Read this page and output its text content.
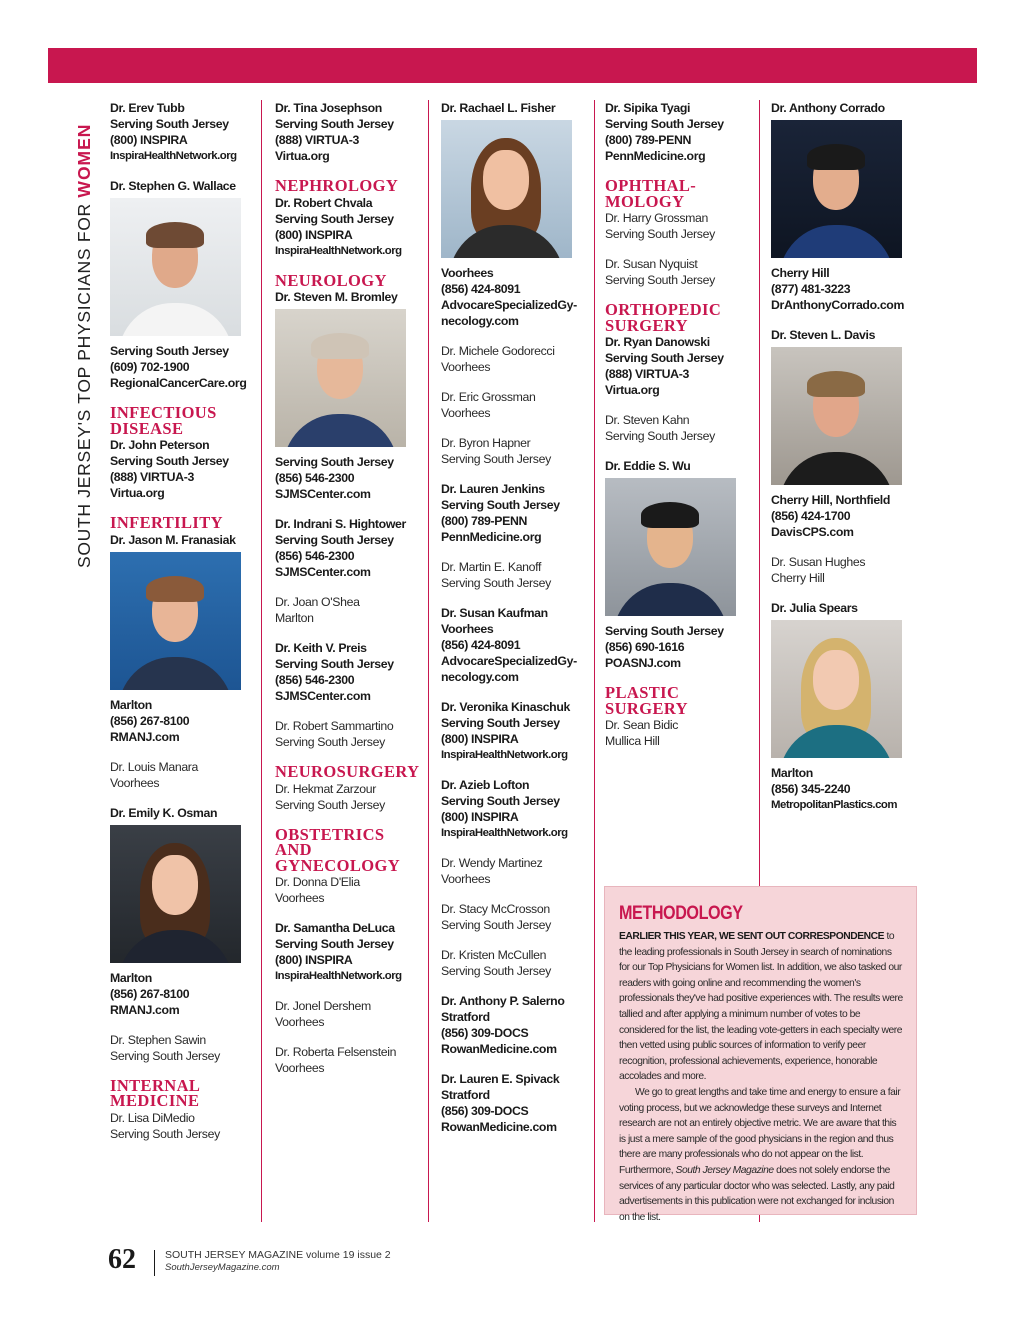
SOUTH JERSEY'S TOP PHYSICIANS FOR WOMEN
Dr. Erev Tubb
Serving South Jersey
(800) INSPIRA
InspiraHealthNetwork.org
Dr. Stephen G. Wallace
Serving South Jersey
(609) 702-1900
RegionalCancerCare.org
INFECTIOUS
DISEASE
Dr. John Peterson
Serving South Jersey
(888) VIRTUA-3
Virtua.org
INFERTILITY
Dr. Jason M. Franasiak
Marlton
(856) 267-8100
RMANJ.com
Dr. Louis Manara
Voorhees
Dr. Emily K. Osman
Marlton
(856) 267-8100
RMANJ.com
Dr. Stephen Sawin
Serving South Jersey
INTERNAL
MEDICINE
Dr. Lisa DiMedio
Serving South Jersey
Dr. Tina Josephson
Serving South Jersey
(888) VIRTUA-3
Virtua.org
NEPHROLOGY
Dr. Robert Chvala
Serving South Jersey
(800) INSPIRA
InspiraHealthNetwork.org
NEUROLOGY
Dr. Steven M. Bromley
Serving South Jersey
(856) 546-2300
SJMSCenter.com
Dr. Indrani S. Hightower
Serving South Jersey
(856) 546-2300
SJMSCenter.com
Dr. Joan O'Shea
Marlton
Dr. Keith V. Preis
Serving South Jersey
(856) 546-2300
SJMSCenter.com
Dr. Robert Sammartino
Serving South Jersey
NEUROSURGERY
Dr. Hekmat Zarzour
Serving South Jersey
OBSTETRICS
AND
GYNECOLOGY
Dr. Donna D'Elia
Voorhees
Dr. Samantha DeLuca
Serving South Jersey
(800) INSPIRA
InspiraHealthNetwork.org
Dr. Jonel Dershem
Voorhees
Dr. Roberta Felsenstein
Voorhees
Dr. Rachael L. Fisher
Voorhees
(856) 424-8091
AdvocareSpecializedGy-
necology.com
Dr. Michele Godorecci
Voorhees
Dr. Eric Grossman
Voorhees
Dr. Byron Hapner
Serving South Jersey
Dr. Lauren Jenkins
Serving South Jersey
(800) 789-PENN
PennMedicine.org
Dr. Martin E. Kanoff
Serving South Jersey
Dr. Susan Kaufman
Voorhees
(856) 424-8091
AdvocareSpecializedGy-
necology.com
Dr. Veronika Kinaschuk
Serving South Jersey
(800) INSPIRA
InspiraHealthNetwork.org
Dr. Azieb Lofton
Serving South Jersey
(800) INSPIRA
InspiraHealthNetwork.org
Dr. Wendy Martinez
Voorhees
Dr. Stacy McCrosson
Serving South Jersey
Dr. Kristen McCullen
Serving South Jersey
Dr. Anthony P. Salerno
Stratford
(856) 309-DOCS
RowanMedicine.com
Dr. Lauren E. Spivack
Stratford
(856) 309-DOCS
RowanMedicine.com
Dr. Sipika Tyagi
Serving South Jersey
(800) 789-PENN
PennMedicine.org
OPHTHAL-
MOLOGY
Dr. Harry Grossman
Serving South Jersey
Dr. Susan Nyquist
Serving South Jersey
ORTHOPEDIC
SURGERY
Dr. Ryan Danowski
Serving South Jersey
(888) VIRTUA-3
Virtua.org
Dr. Steven Kahn
Serving South Jersey
Dr. Eddie S. Wu
Serving South Jersey
(856) 690-1616
POASNJ.com
PLASTIC
SURGERY
Dr. Sean Bidic
Mullica Hill
Dr. Anthony Corrado
Cherry Hill
(877) 481-3223
DrAnthonyCorrado.com
Dr. Steven L. Davis
Cherry Hill, Northfield
(856) 424-1700
DavisCPS.com
Dr. Susan Hughes
Cherry Hill
Dr. Julia Spears
Marlton
(856) 345-2240
MetropolitanPlastics.com
METHODOLOGY

EARLIER THIS YEAR, WE SENT OUT CORRESPONDENCE to the leading professionals in South Jersey in search of nominations for our Top Physicians for Women list. In addition, we also tasked our readers with going online and recommending the women's professionals they've had positive experiences with. The results were tallied and after applying a minimum number of votes to be considered for the list, the leading vote-getters in each specialty were then vetted using public sources of information to verify peer recognition, professional achievements, experience, honorable accolades and more.

We go to great lengths and take time and energy to ensure a fair voting process, but we acknowledge these surveys and Internet research are not an entirely objective metric. We are aware that this is just a mere sample of the good physicians in the region and thus there are many professionals who do not appear on the list. Furthermore, South Jersey Magazine does not solely endorse the services of any particular doctor who was selected. Lastly, any paid advertisements in this publication were not exchanged for inclusion on the list.

62	SOUTH JERSEY MAGAZINE volume 19 issue 2
SouthJerseyMagazine.com
